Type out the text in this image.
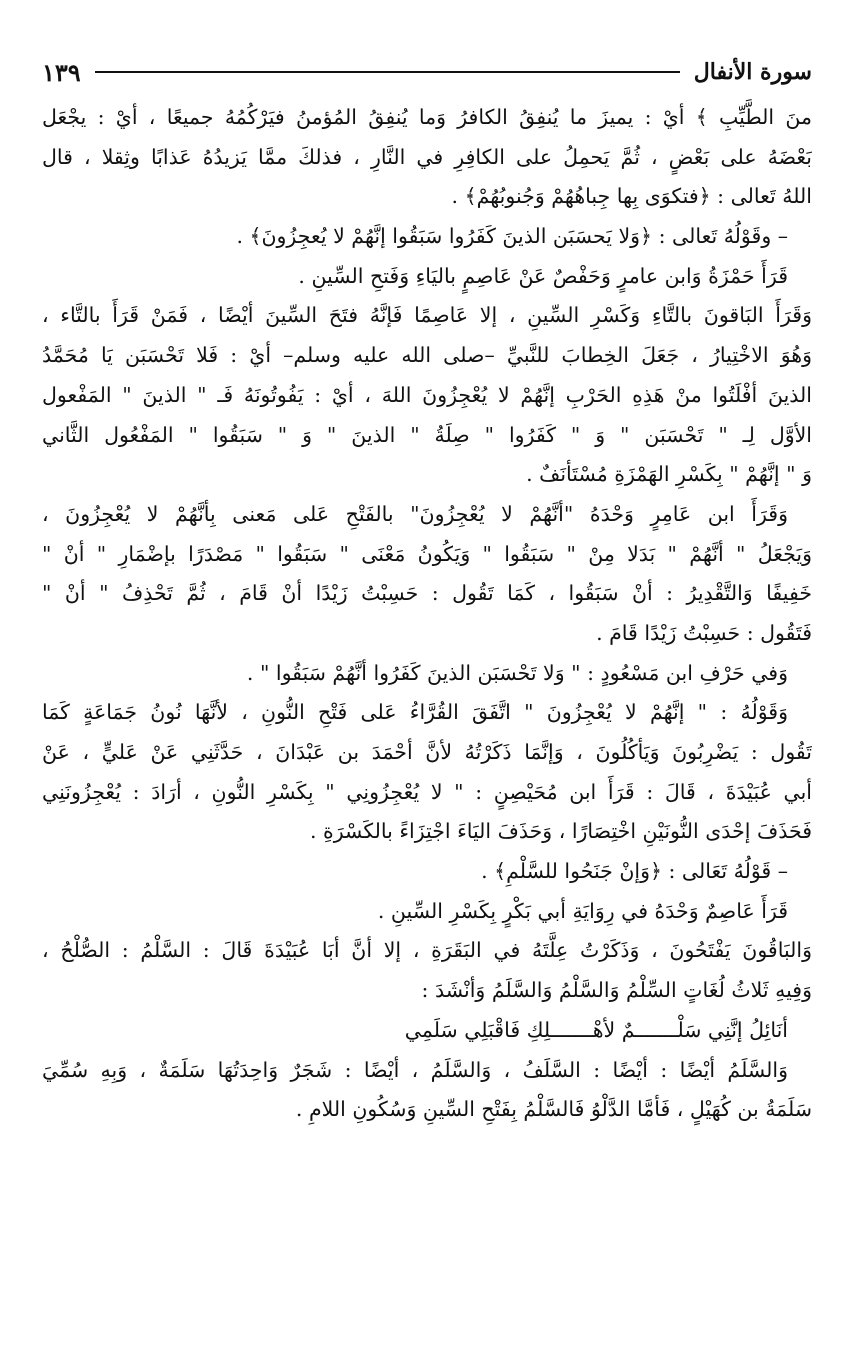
سورة الأنفال
١٣٩
منَ الطَّيِّبِ ﴾ أيْ : يميزَ ما يُنفِقُ الكافرُ وَما يُنفِقُ المُؤمنُ فيَرْكُمُهُ جميعًا ، أيْ : يجْعَل
بَعْضَهُ على بَعْضٍ ، ثُمَّ يَحمِلُ على الكافِرِ في النَّارِ ، فذلكَ ممَّا يَزيدُهُ عَذابًا وثِقلا ، قال
اللهُ تَعالى : ﴿فتكوَى بِها جِباهُهُمْ وَجُنوبُهُمْ﴾ .
– وقَوْلُهُ تَعالى : ﴿وَلا يَحسَبَن الذينَ كَفَرُوا سَبَقُوا إنَّهُمْ لا يُعجِزُونَ﴾ .
قَرَأَ حَمْزَةُ وَابن عامرٍ وَحَفْصٌ عَنْ عَاصِمٍ باليَاءِ وَفَتحِ السِّينِ .
وَقَرَأَ البَاقونَ بالتَّاءِ وَكَسْرِ السِّينِ ، إلا عَاصِمًا فَإنَّهُ فتَحَ السِّينَ أيْضًا ، فَمَنْ قَرَأَ بالتَّاء ،
وَهُوَ الاخْتِيارُ ، جَعَلَ الخِطابَ للنَّبيِّ –صلى الله عليه وسلم– أيْ : فَلا تَحْسَبَن يَا مُحَمَّدُ
الذينَ أفْلَتُوا منْ هَذِهِ الحَرْبِ إنَّهُمْ لا يُعْجِزُونَ اللهَ ، أيْ : يَفُوتُونَهُ فَـ " الذينَ " المَفْعول
الأوَّل لِـ " تَحْسَبَن " وَ " كَفَرُوا " صِلَةُ " الذينَ " وَ " سَبَقُوا " المَفْعُول الثَّاني
وَ " إنَّهُمْ " بِكَسْرِ الهَمْزَةِ مُسْتَأنَفٌ .
وَقَرَأَ ابن عَامِرٍ وَحْدَهُ "أنَّهُمْ لا يُعْجِزُونَ" بالفَتْحِ عَلى مَعنى بِأنَّهُمْ لا يُعْجِزُونَ ،
وَيَجْعَلُ " أنَّهُمْ " بَدَلا مِنْ " سَبَقُوا " وَيَكُونُ مَعْنَى " سَبَقُوا " مَصْدَرًا بإضْمَارِ " أنْ "
خَفِيفًا وَالتَّقْدِيرُ : أنْ سَبَقُوا ، كَمَا تَقُول : حَسِبْتُ زَيْدًا أنْ قَامَ ، ثُمَّ تَحْذِفُ " أنْ "
فَتَقُول : حَسِبْتُ زَيْدًا قَامَ .
وَفي حَرْفِ ابن مَسْعُودٍ : " وَلا تَحْسَبَن الذينَ كَفَرُوا أنَّهُمْ سَبَقُوا " .
وَقَوْلُهُ : " إنَّهُمْ لا يُعْجِزُونَ " اتَّفَقَ القُرَّاءُ عَلى فَتْحِ النُّونِ ، لأنَّهَا نُونُ جَمَاعَةٍ كَمَا
تَقُول : يَضْرِبُونَ وَيَأكُلُونَ ، وَإنَّمَا ذَكَرْتُهُ لأنَّ أحْمَدَ بن عَبْدَانَ ، حَدَّثَنِي عَنْ عَليٍّ ، عَنْ
أبي عُبَيْدَةَ ، قَالَ : قَرَأَ ابن مُحَيْصِنٍ : " لا يُعْجِزُونِي " بِكَسْرِ النُّونِ ، أرَادَ : يُعْجِزُونَنِي
فَحَذَفَ إحْدَى النُّونَيْنِ اخْتِصَارًا ، وَحَذَفَ اليَاءَ اجْتِزَاءً بالكَسْرَةِ .
– قَوْلُهُ تَعَالى : ﴿وَإنْ جَنَحُوا للسَّلْمِ﴾ .
قَرَأَ عَاصِمٌ وَحْدَهُ في رِوَايَةِ أبي بَكْرٍ بِكَسْرِ السِّينِ .
وَالبَاقُونَ يَفْتَحُونَ ، وَذَكَرْتُ عِلَّتَهُ في البَقَرَةِ ، إلا أنَّ أبَا عُبَيْدَةَ قَالَ : السَّلْمُ : الصُّلْحُ ،
وَفِيهِ ثَلاثُ لُغَاتٍ السِّلْمُ وَالسَّلْمُ وَالسَّلَمُ وَأنْشَدَ :
أنَائِلُ إنَّنِي سَلْـــــــمٌ لأهْـــــــلِكِ فَاقْبَلِي سَلَمِي
وَالسَّلَمُ أيْضًا : أيْضًا : السَّلَفُ ، وَالسَّلَمُ ، أيْضًا : شَجَرٌ وَاحِدَتُهَا سَلَمَةٌ ، وَبِهِ سُمِّيَ
سَلَمَةُ بن كُهَيْلٍ ، فَأمَّا الدَّلْوُ فَالسَّلْمُ بِفَتْحِ السِّينِ وَسُكُونِ اللامِ .
